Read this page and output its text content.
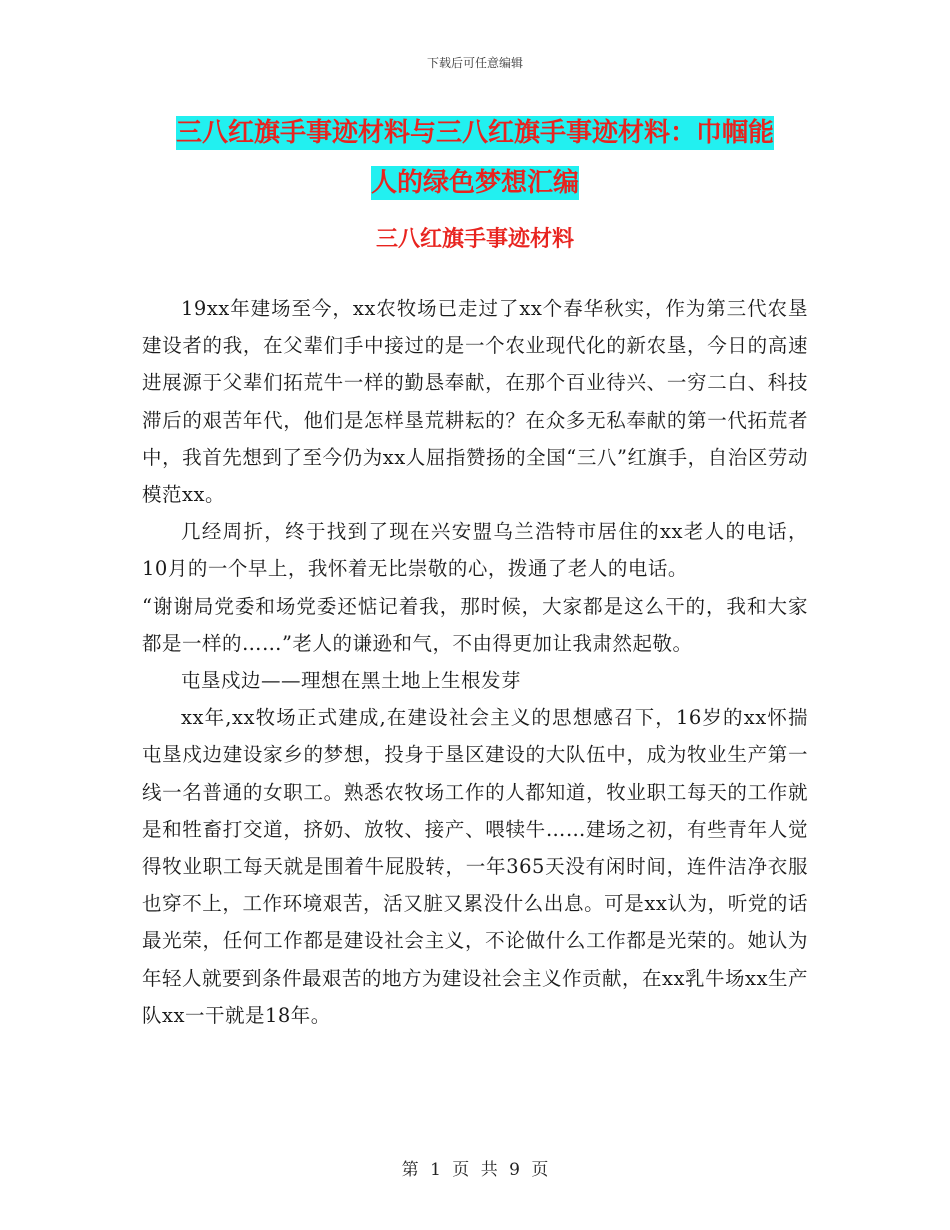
下载后可任意编辑
三八红旗手事迹材料与三八红旗手事迹材料：巾帼能
人的绿色梦想汇编
三八红旗手事迹材料

19xx年建场至今，xx农牧场已走过了xx个春华秋实，作为第三代农垦建设者的我，在父辈们手中接过的是一个农业现代化的新农垦，今日的高速进展源于父辈们拓荒牛一样的勤恳奉献，在那个百业待兴、一穷二白、科技滞后的艰苦年代，他们是怎样垦荒耕耘的？在众多无私奉献的第一代拓荒者中，我首先想到了至今仍为xx人屈指赞扬的全国“三八”红旗手，自治区劳动模范xx。

几经周折，终于找到了现在兴安盟乌兰浩特市居住的xx老人的电话，10月的一个早上，我怀着无比崇敬的心，拨通了老人的电话。

“谢谢局党委和场党委还惦记着我，那时候，大家都是这么干的，我和大家都是一样的……”老人的谦逊和气，不由得更加让我肃然起敬。

屯垦戍边——理想在黑土地上生根发芽

xx年,xx牧场正式建成,在建设社会主义的思想感召下，16岁的xx怀揣屯垦戍边建设家乡的梦想，投身于垦区建设的大队伍中，成为牧业生产第一线一名普通的女职工。熟悉农牧场工作的人都知道，牧业职工每天的工作就是和牲畜打交道，挤奶、放牧、接产、喂犊牛……建场之初，有些青年人觉得牧业职工每天就是围着牛屁股转，一年365天没有闲时间，连件洁净衣服也穿不上，工作环境艰苦，活又脏又累没什么出息。可是xx认为，听党的话最光荣，任何工作都是建设社会主义，不论做什么工作都是光荣的。她认为年轻人就要到条件最艰苦的地方为建设社会主义作贡献，在xx乳牛场xx生产队xx一干就是18年。

第 1 页 共 9 页
